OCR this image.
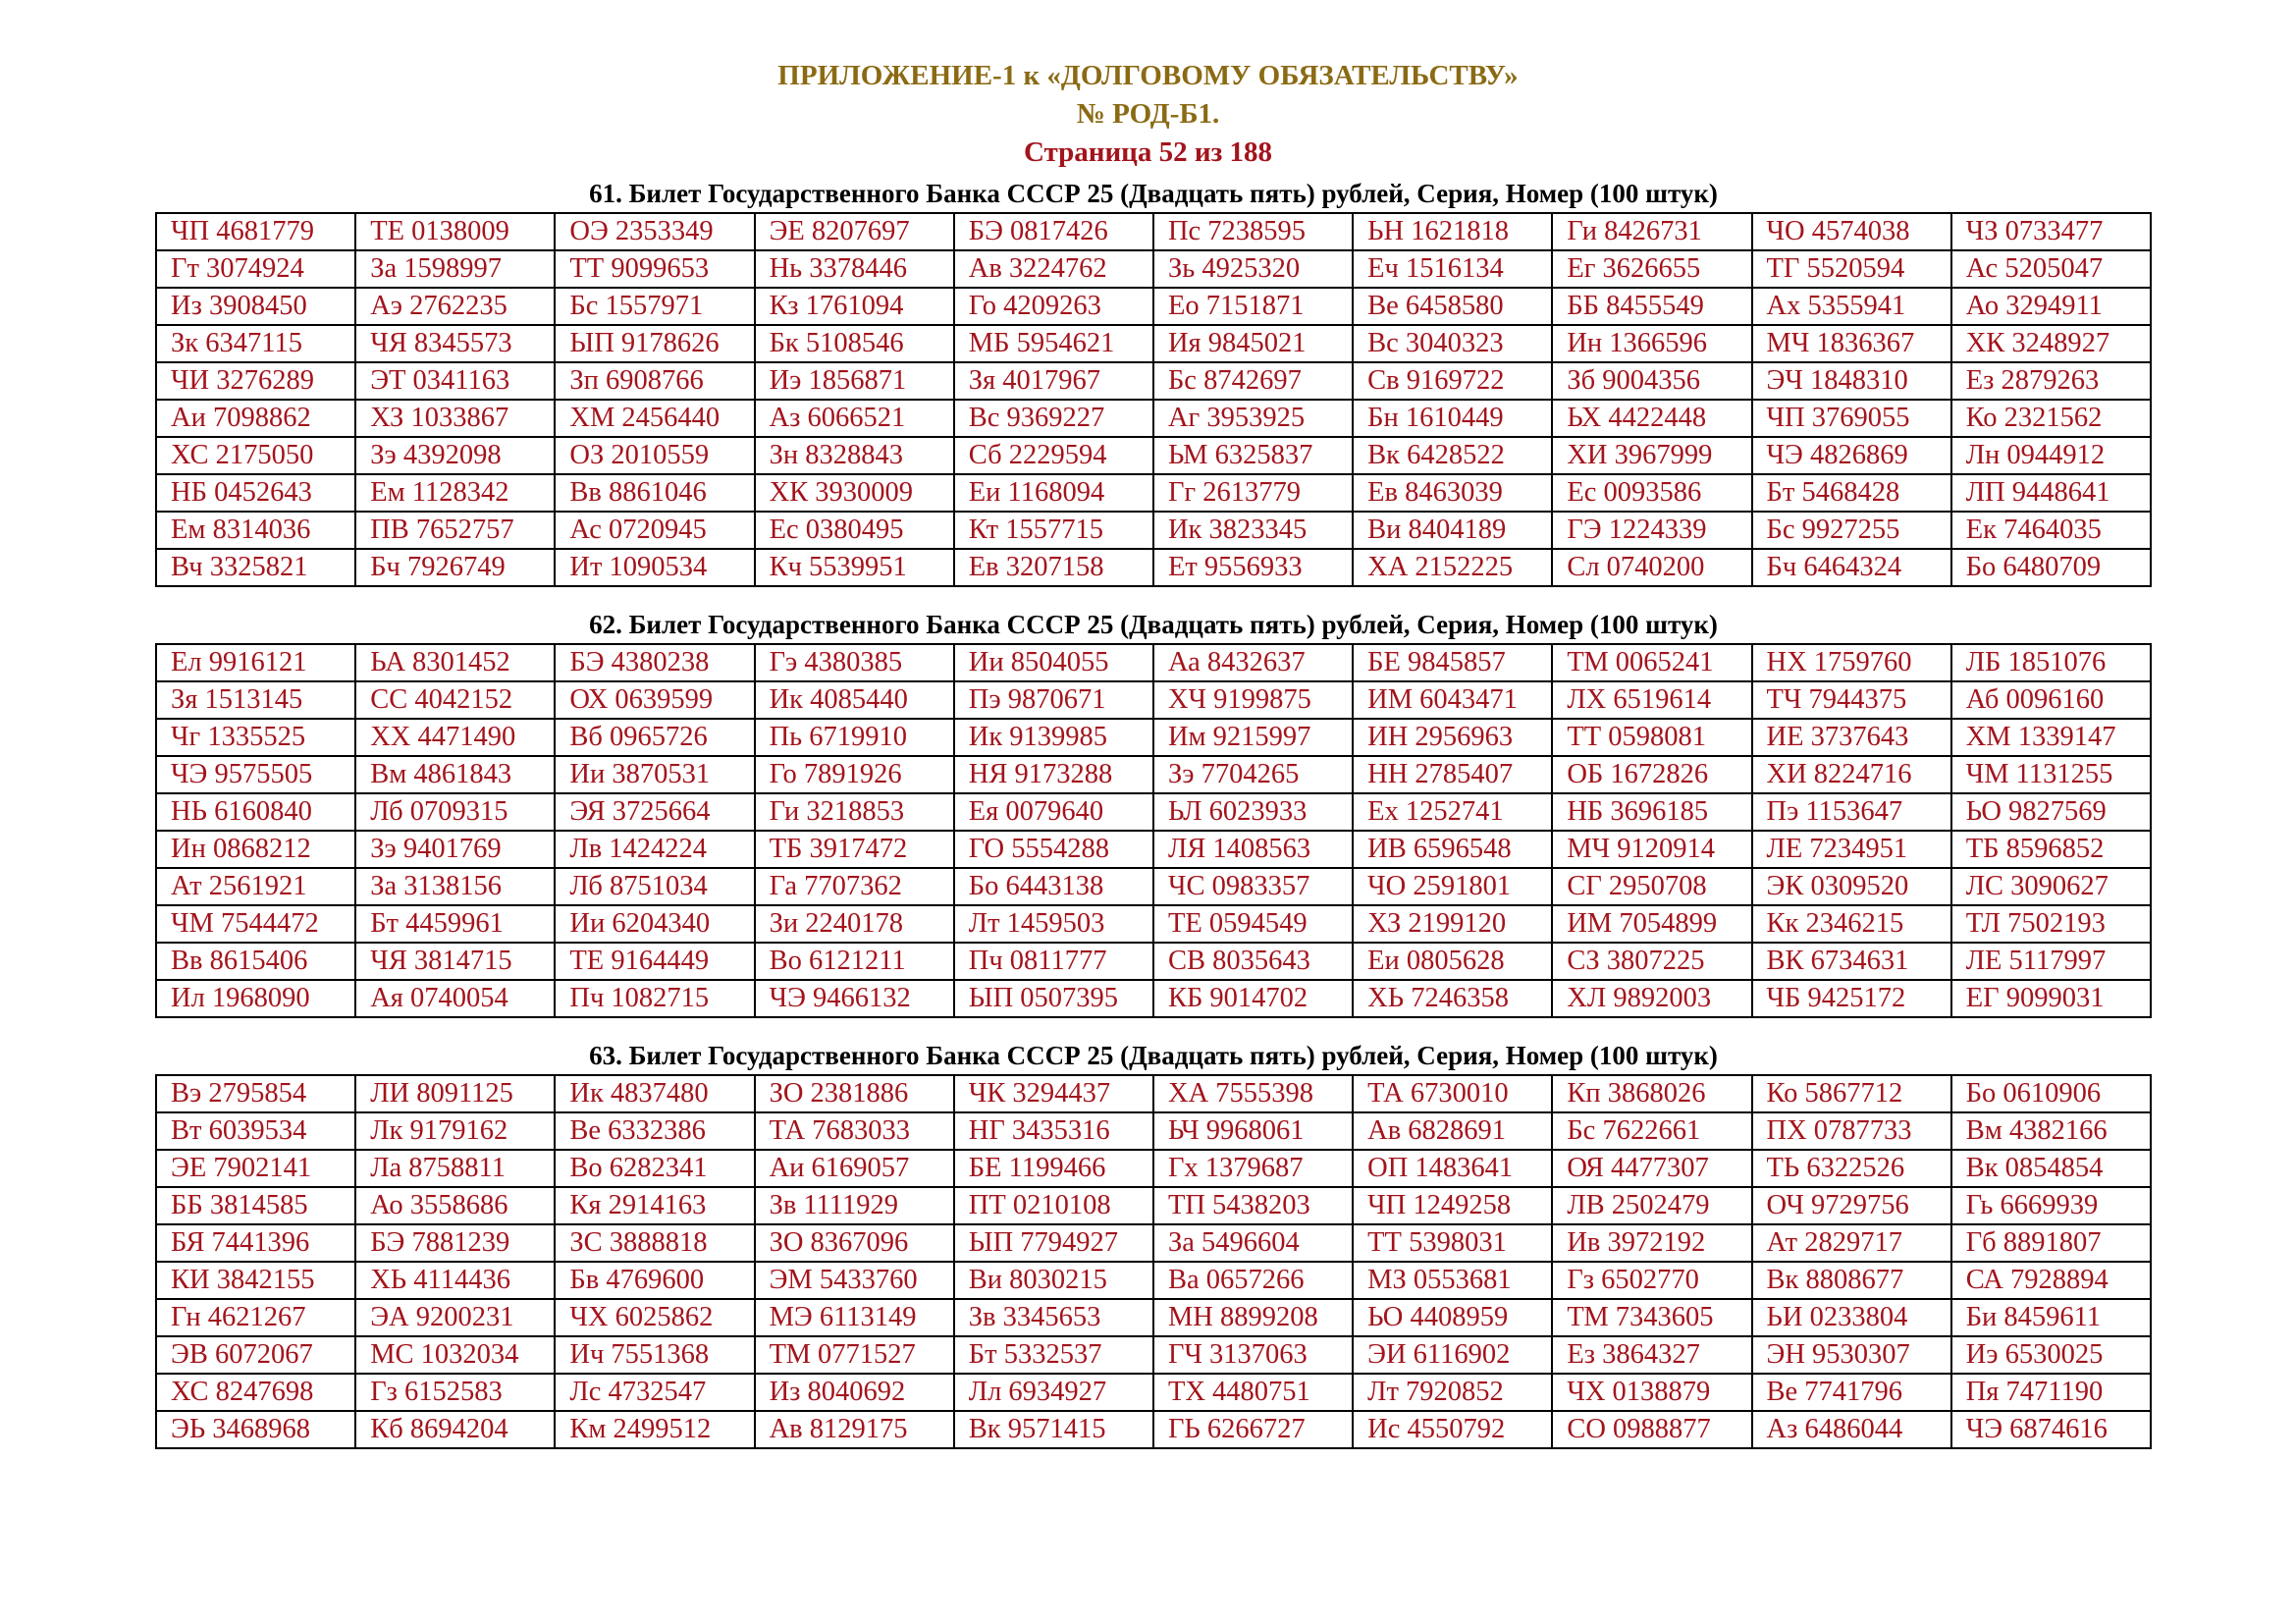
ПРИЛОЖЕНИЕ-1 к «ДОЛГОВОМУ ОБЯЗАТЕЛЬСТВУ»
№ РОД-Б1.
Страница 52 из 188
61. Билет Государственного Банка СССР 25 (Двадцать пять) рублей, Серия, Номер (100 штук)
ЧП 4681779	ТЕ 0138009	ОЭ 2353349	ЭЕ 8207697	БЭ 0817426	Пс 7238595	ЬН 1621818	Ги 8426731	ЧО 4574038	ЧЗ 0733477
Гт 3074924	За 1598997	ТТ 9099653	Нь 3378446	Ав 3224762	Зь 4925320	Еч 1516134	Ег 3626655	ТГ 5520594	Ас 5205047
Из 3908450	Аэ 2762235	Бс 1557971	Кз 1761094	Го 4209263	Ео 7151871	Ве 6458580	ББ 8455549	Ах 5355941	Ао 3294911
Зк 6347115	ЧЯ 8345573	ЫП 9178626	Бк 5108546	МБ 5954621	Ия 9845021	Вс 3040323	Ин 1366596	МЧ 1836367	ХК 3248927
ЧИ 3276289	ЭТ 0341163	Зп 6908766	Иэ 1856871	Зя 4017967	Бс 8742697	Св 9169722	Зб 9004356	ЭЧ 1848310	Ез 2879263
Аи 7098862	ХЗ 1033867	ХМ 2456440	Аз 6066521	Вс 9369227	Аг 3953925	Бн 1610449	ЬХ 4422448	ЧП 3769055	Ко 2321562
ХС 2175050	Зэ 4392098	ОЗ 2010559	Зн 8328843	Сб 2229594	ЬМ 6325837	Вк 6428522	ХИ 3967999	ЧЭ 4826869	Лн 0944912
НБ 0452643	Ем 1128342	Вв 8861046	ХК 3930009	Еи 1168094	Гг 2613779	Ев 8463039	Ес 0093586	Бт 5468428	ЛП 9448641
Ем 8314036	ПВ 7652757	Ас 0720945	Ес 0380495	Кт 1557715	Ик 3823345	Ви 8404189	ГЭ 1224339	Бс 9927255	Ек 7464035
Вч 3325821	Бч 7926749	Ит 1090534	Кч 5539951	Ев 3207158	Ет 9556933	ХА 2152225	Сл 0740200	Бч 6464324	Бо 6480709
62. Билет Государственного Банка СССР 25 (Двадцать пять) рублей, Серия, Номер (100 штук)
Ел 9916121	ЬА 8301452	БЭ 4380238	Гэ 4380385	Ии 8504055	Аа 8432637	БЕ 9845857	ТМ 0065241	НХ 1759760	ЛБ 1851076
Зя 1513145	СС 4042152	ОХ 0639599	Ик 4085440	Пэ 9870671	ХЧ 9199875	ИМ 6043471	ЛХ 6519614	ТЧ 7944375	Аб 0096160
Чг 1335525	ХХ 4471490	Вб 0965726	Пь 6719910	Ик 9139985	Им 9215997	ИН 2956963	ТТ 0598081	ИЕ 3737643	ХМ 1339147
ЧЭ 9575505	Вм 4861843	Ии 3870531	Го 7891926	НЯ 9173288	Зэ 7704265	НН 2785407	ОБ 1672826	ХИ 8224716	ЧМ 1131255
НЬ 6160840	Лб 0709315	ЭЯ 3725664	Ги 3218853	Ея 0079640	ЬЛ 6023933	Ех 1252741	НБ 3696185	Пэ 1153647	ЬО 9827569
Ин 0868212	Зэ 9401769	Лв 1424224	ТБ 3917472	ГО 5554288	ЛЯ 1408563	ИВ 6596548	МЧ 9120914	ЛЕ 7234951	ТБ 8596852
Ат 2561921	За 3138156	Лб 8751034	Га 7707362	Бо 6443138	ЧС 0983357	ЧО 2591801	СГ 2950708	ЭК 0309520	ЛС 3090627
ЧМ 7544472	Бт 4459961	Ии 6204340	Зи 2240178	Лт 1459503	ТЕ 0594549	ХЗ 2199120	ИМ 7054899	Кк 2346215	ТЛ 7502193
Вв 8615406	ЧЯ 3814715	ТЕ 9164449	Во 6121211	Пч 0811777	СВ 8035643	Еи 0805628	СЗ 3807225	ВК 6734631	ЛЕ 5117997
Ил 1968090	Ая 0740054	Пч 1082715	ЧЭ 9466132	ЫП 0507395	КБ 9014702	ХЬ 7246358	ХЛ 9892003	ЧБ 9425172	ЕГ 9099031
63. Билет Государственного Банка СССР 25 (Двадцать пять) рублей, Серия, Номер (100 штук)
Вэ 2795854	ЛИ 8091125	Ик 4837480	ЗО 2381886	ЧК 3294437	ХА 7555398	ТА 6730010	Кп 3868026	Ко 5867712	Бо 0610906
Вт 6039534	Лк 9179162	Ве 6332386	ТА 7683033	НГ 3435316	ЬЧ 9968061	Ав 6828691	Бс 7622661	ПХ 0787733	Вм 4382166
ЭЕ 7902141	Ла 8758811	Во 6282341	Аи 6169057	БЕ 1199466	Гх 1379687	ОП 1483641	ОЯ 4477307	ТЬ 6322526	Вк 0854854
ББ 3814585	Ао 3558686	Кя 2914163	Зв 1111929	ПТ 0210108	ТП 5438203	ЧП 1249258	ЛВ 2502479	ОЧ 9729756	Гь 6669939
БЯ 7441396	БЭ 7881239	ЗС 3888818	ЗО 8367096	ЫП 7794927	За 5496604	ТТ 5398031	Ив 3972192	Ат 2829717	Гб 8891807
КИ 3842155	ХЬ 4114436	Бв 4769600	ЭМ 5433760	Ви 8030215	Ва 0657266	МЗ 0553681	Гз 6502770	Вк 8808677	СА 7928894
Гн 4621267	ЭА 9200231	ЧХ 6025862	МЭ 6113149	Зв 3345653	МН 8899208	ЬО 4408959	ТМ 7343605	ЬИ 0233804	Би 8459611
ЭВ 6072067	МС 1032034	Ич 7551368	ТМ 0771527	Бт 5332537	ГЧ 3137063	ЭИ 6116902	Ез 3864327	ЭН 9530307	Иэ 6530025
ХС 8247698	Гз 6152583	Лс 4732547	Из 8040692	Лл 6934927	ТХ 4480751	Лт 7920852	ЧХ 0138879	Ве 7741796	Пя 7471190
ЭЬ 3468968	Кб 8694204	Км 2499512	Ав 8129175	Вк 9571415	ГЬ 6266727	Ис 4550792	СО 0988877	Аз 6486044	ЧЭ 6874616
